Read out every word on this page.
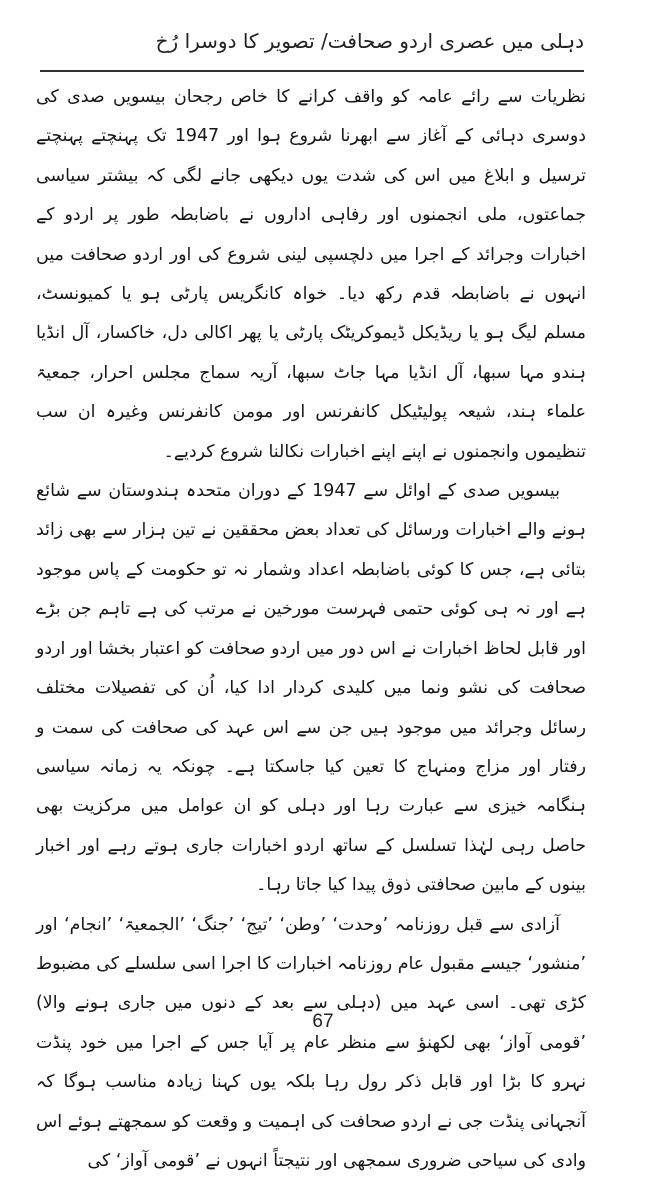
دہلی میں عصری اردو صحافت/ تصویر کا دوسرا رُخ

نظریات سے رائے عامہ کو واقف کرانے کا خاص رجحان بیسویں صدی کی دوسری دہائی کے آغاز سے ابھرنا شروع ہوا اور 1947 تک پہنچتے پہنچتے ترسیل و ابلاغ میں اس کی شدت یوں دیکھی جانے لگی کہ بیشتر سیاسی جماعتوں، ملی انجمنوں اور رفاہی اداروں نے باضابطہ طور پر اردو کے اخبارات وجرائد کے اجرا میں دلچسپی لینی شروع کی اور اردو صحافت میں انہوں نے باضابطہ قدم رکھ دیا۔ خواہ کانگریس پارٹی ہو یا کمیونسٹ، مسلم لیگ ہو یا ریڈیکل ڈیموکریٹک پارٹی یا پھر اکالی دل، خاکسار، آل انڈیا ہندو مہا سبھا، آل انڈیا مہا جاٹ سبھا، آریہ سماج مجلس احرار، جمعیۃ علماء ہند، شیعہ پولیٹیکل کانفرنس اور مومن کانفرنس وغیرہ ان سب تنظیموں وانجمنوں نے اپنے اپنے اخبارات نکالنا شروع کردیے۔

بیسویں صدی کے اوائل سے 1947 کے دوران متحدہ ہندوستان سے شائع ہونے والے اخبارات ورسائل کی تعداد بعض محققین نے تین ہزار سے بھی زائد بتائی ہے، جس کا کوئی باضابطہ اعداد وشمار نہ تو حکومت کے پاس موجود ہے اور نہ ہی کوئی حتمی فہرست مورخین نے مرتب کی ہے تاہم جن بڑے اور قابل لحاظ اخبارات نے اس دور میں اردو صحافت کو اعتبار بخشا اور اردو صحافت کی نشو ونما میں کلیدی کردار ادا کیا، اُن کی تفصیلات مختلف رسائل وجرائد میں موجود ہیں جن سے اس عہد کی صحافت کی سمت و رفتار اور مزاج ومنہاج کا تعین کیا جاسکتا ہے۔ چونکہ یہ زمانہ سیاسی ہنگامہ خیزی سے عبارت رہا اور دہلی کو ان عوامل میں مرکزیت بھی حاصل رہی لہٰذا تسلسل کے ساتھ اردو اخبارات جاری ہوتے رہے اور اخبار بینوں کے مابین صحافتی ذوق پیدا کیا جاتا رہا۔

آزادی سے قبل روزنامہ ’وحدت‘ ’وطن‘ ’تیج‘ ’جنگ‘ ’الجمعیۃ‘ ’انجام‘ اور ’منشور‘ جیسے مقبول عام روزنامہ اخبارات کا اجرا اسی سلسلے کی مضبوط کڑی تھی۔ اسی عہد میں (دہلی سے بعد کے دنوں میں جاری ہونے والا) ’قومی آواز‘ بھی لکھنؤ سے منظر عام پر آیا جس کے اجرا میں خود پنڈت نہرو کا بڑا اور قابل ذکر رول رہا بلکہ یوں کہنا زیادہ مناسب ہوگا کہ آنجہانی پنڈت جی نے اردو صحافت کی اہمیت و وقعت کو سمجھتے ہوئے اس وادی کی سیاحی ضروری سمجھی اور نتیجتاً انہوں نے ’قومی آواز‘ کی

67
